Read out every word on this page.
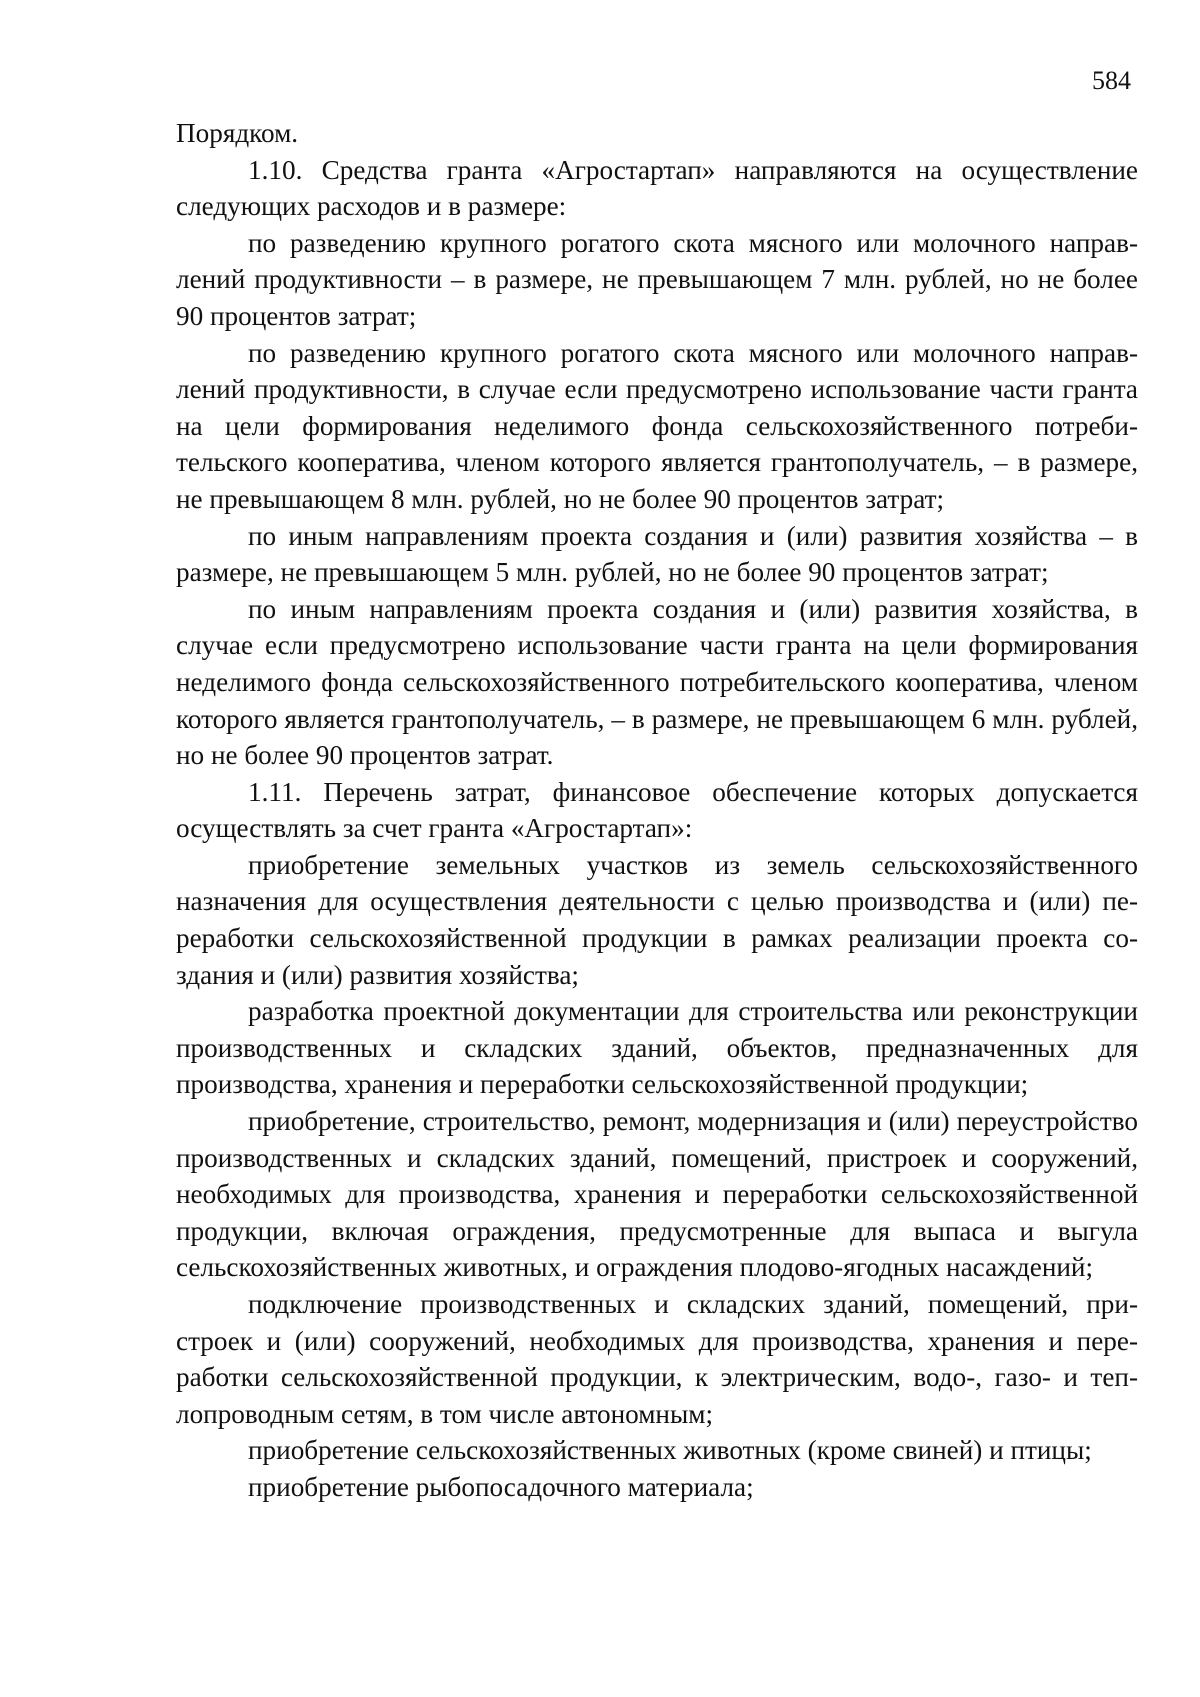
584

Порядком.

1.10. Средства гранта «Агростартап» направляются на осуществление следующих расходов и в размере:

по разведению крупного рогатого скота мясного или молочного направлений продуктивности – в размере, не превышающем 7 млн. рублей, но не более 90 процентов затрат;

по разведению крупного рогатого скота мясного или молочного направлений продуктивности, в случае если предусмотрено использование части гранта на цели формирования неделимого фонда сельскохозяйственного потребительского кооператива, членом которого является грантополучатель, – в размере, не превышающем 8 млн. рублей, но не более 90 процентов затрат;

по иным направлениям проекта создания и (или) развития хозяйства – в размере, не превышающем 5 млн. рублей, но не более 90 процентов затрат;

по иным направлениям проекта создания и (или) развития хозяйства, в случае если предусмотрено использование части гранта на цели формирования неделимого фонда сельскохозяйственного потребительского кооператива, членом которого является грантополучатель, – в размере, не превышающем 6 млн. рублей, но не более 90 процентов затрат.

1.11. Перечень затрат, финансовое обеспечение которых допускается осуществлять за счет гранта «Агростартап»:

приобретение земельных участков из земель сельскохозяйственного назначения для осуществления деятельности с целью производства и (или) переработки сельскохозяйственной продукции в рамках реализации проекта создания и (или) развития хозяйства;

разработка проектной документации для строительства или реконструкции производственных и складских зданий, объектов, предназначенных для производства, хранения и переработки сельскохозяйственной продукции;

приобретение, строительство, ремонт, модернизация и (или) переустройство производственных и складских зданий, помещений, пристроек и сооружений, необходимых для производства, хранения и переработки сельскохозяйственной продукции, включая ограждения, предусмотренные для выпаса и выгула сельскохозяйственных животных, и ограждения плодово-ягодных насаждений;

подключение производственных и складских зданий, помещений, пристроек и (или) сооружений, необходимых для производства, хранения и переработки сельскохозяйственной продукции, к электрическим, водо-, газо- и теплопроводным сетям, в том числе автономным;

приобретение сельскохозяйственных животных (кроме свиней) и птицы;

приобретение рыбопосадочного материала;
